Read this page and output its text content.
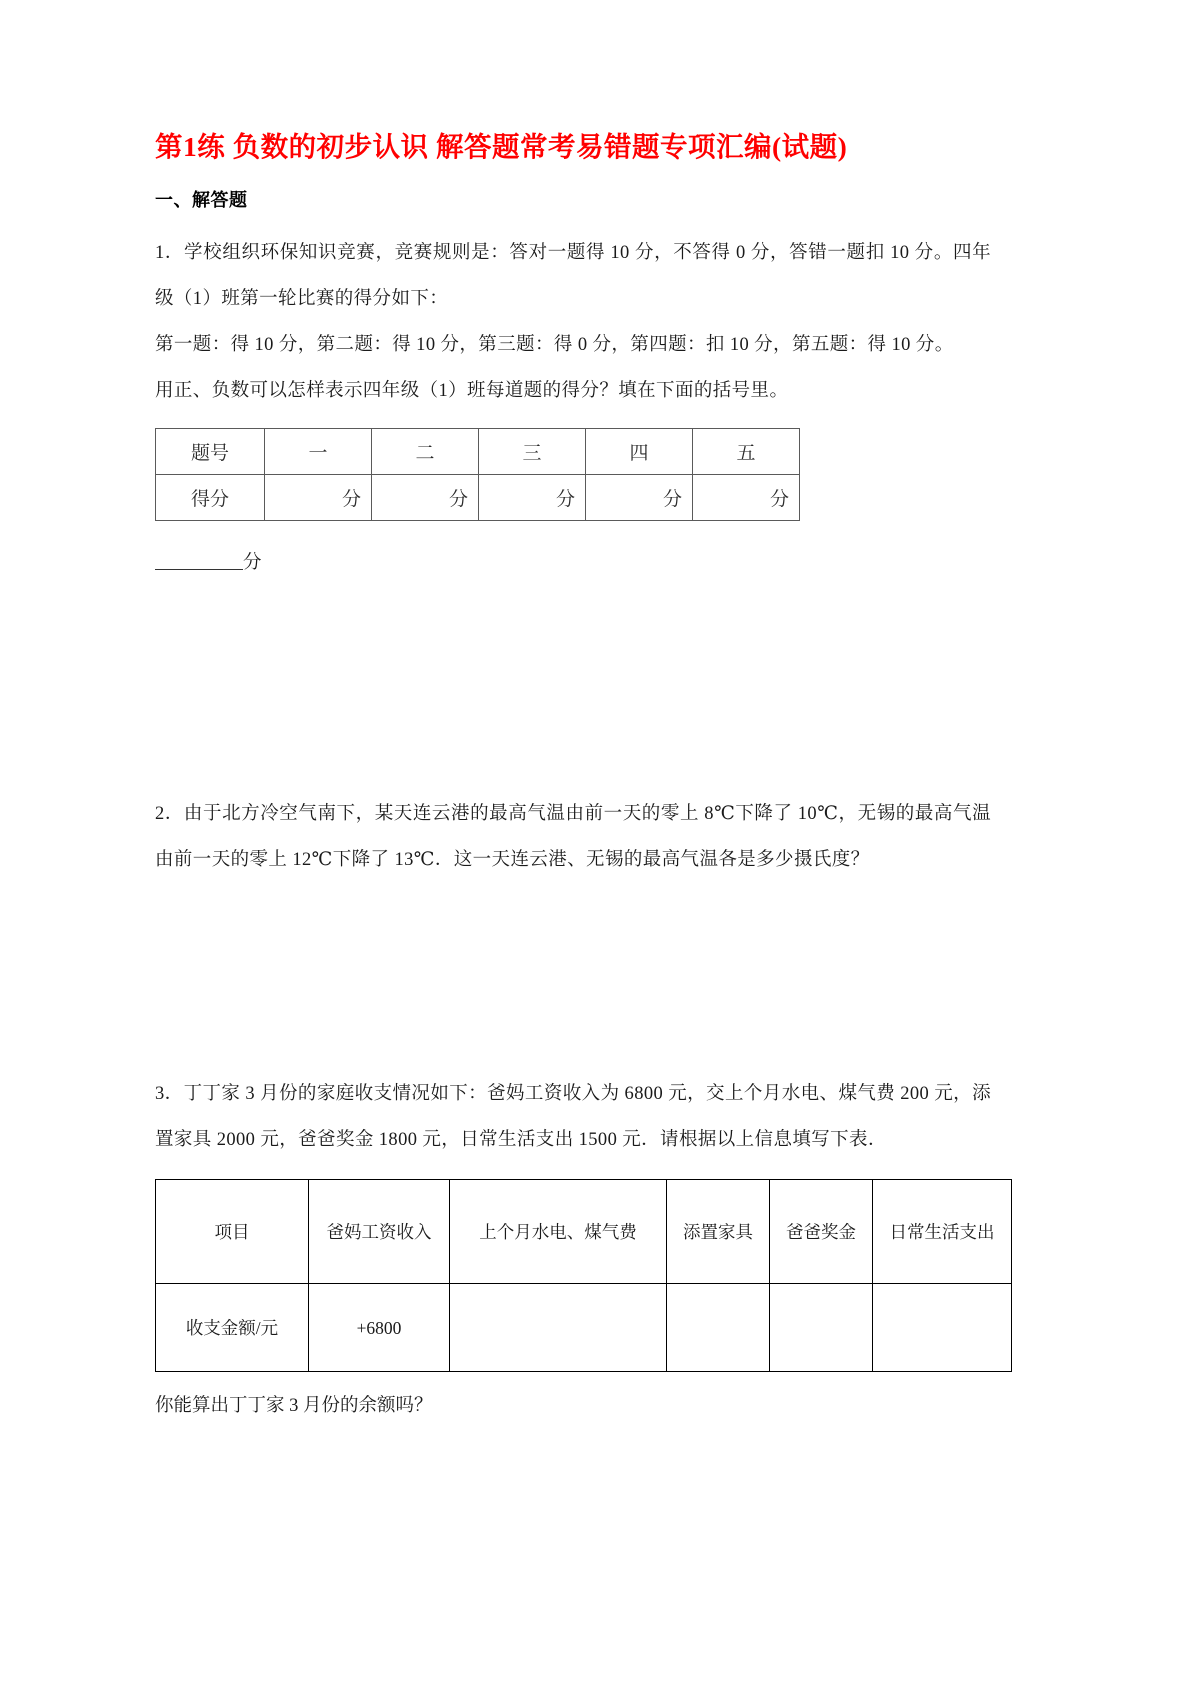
第1练 负数的初步认识 解答题常考易错题专项汇编(试题)
一、解答题

1．学校组织环保知识竞赛，竞赛规则是：答对一题得 10 分，不答得 0 分，答错一题扣 10 分。四年级（1）班第一轮比赛的得分如下：

第一题：得 10 分，第二题：得 10 分，第三题：得 0 分，第四题：扣 10 分，第五题：得 10 分。

用正、负数可以怎样表示四年级（1）班每道题的得分？填在下面的括号里。

题号	一	二	三	四	五
得分	分	分	分	分	分
分

2．由于北方冷空气南下，某天连云港的最高气温由前一天的零上 8℃下降了 10℃，无锡的最高气温由前一天的零上 12℃下降了 13℃．这一天连云港、无锡的最高气温各是多少摄氏度？

3．丁丁家 3 月份的家庭收支情况如下：爸妈工资收入为 6800 元，交上个月水电、煤气费 200 元，添置家具 2000 元，爸爸奖金 1800 元，日常生活支出 1500 元．请根据以上信息填写下表．

项目	爸妈工资收入	上个月水电、煤气费	添置家具	爸爸奖金	日常生活支出
收支金额/元	+6800				

你能算出丁丁家 3 月份的余额吗？
